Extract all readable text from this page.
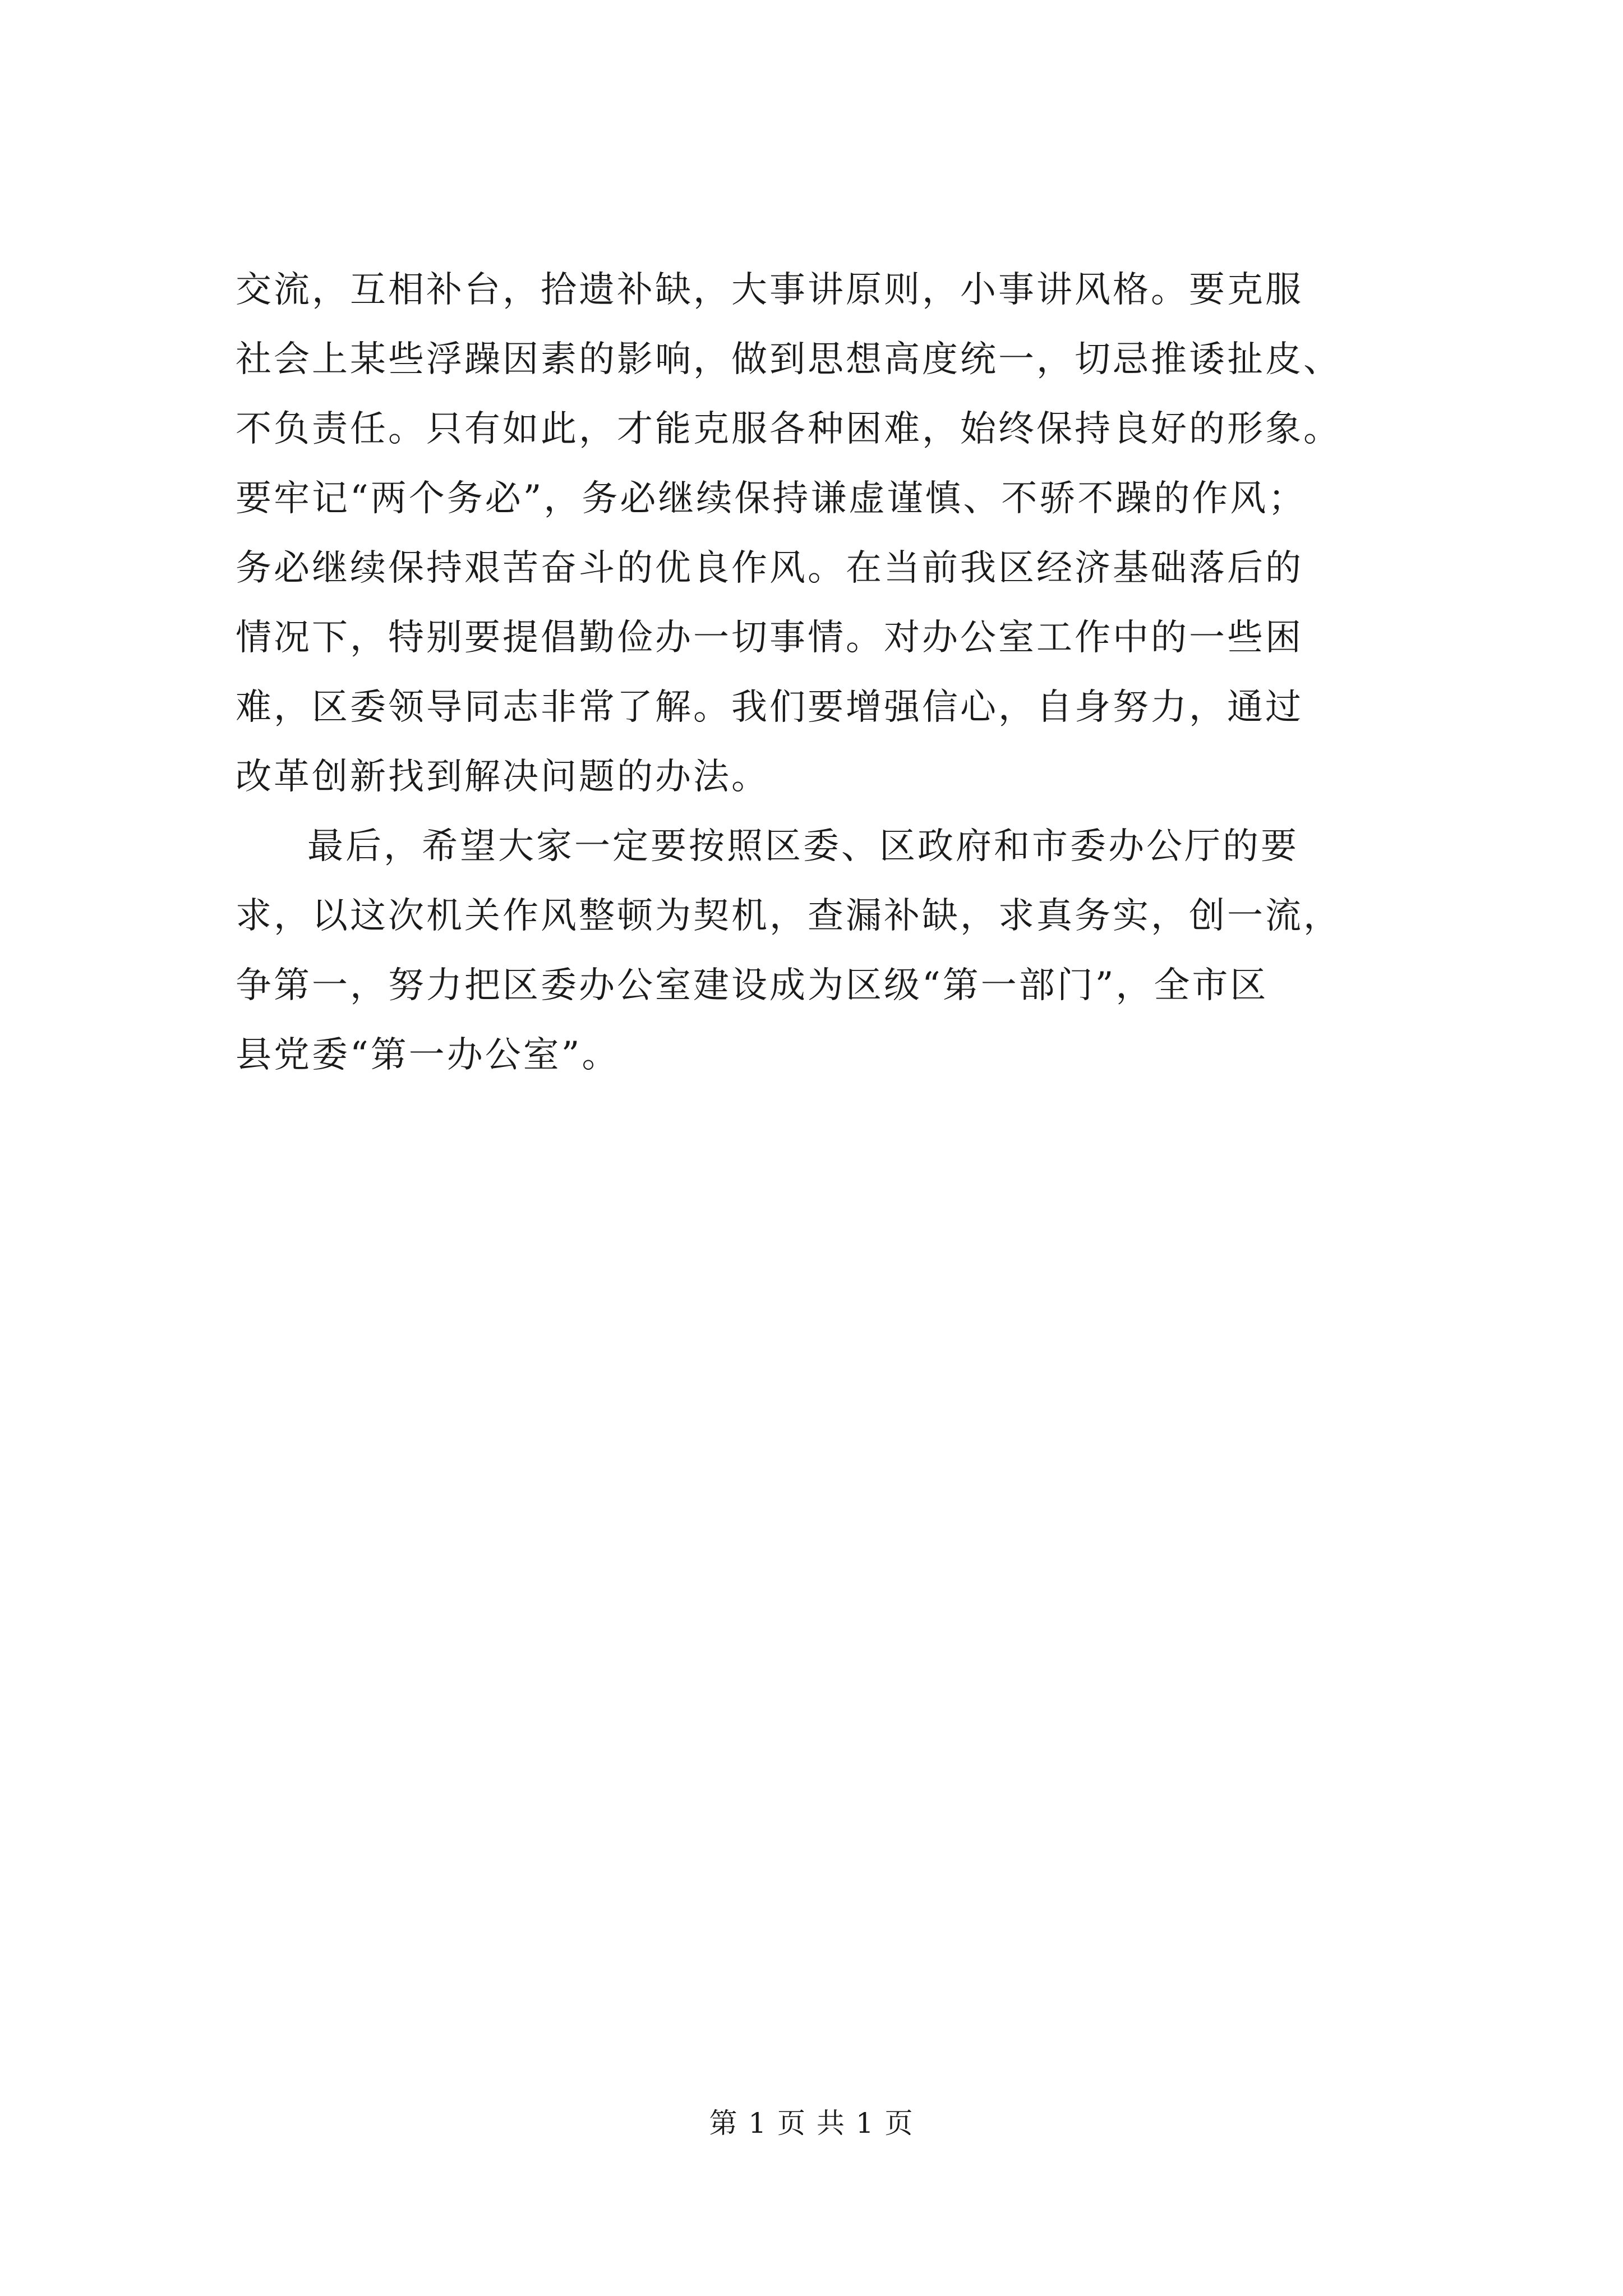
交流，互相补台，拾遗补缺，大事讲原则，小事讲风格。要克服
社会上某些浮躁因素的影响，做到思想高度统一，切忌推诿扯皮、
不负责任。只有如此，才能克服各种困难，始终保持良好的形象。
要牢记“两个务必”，务必继续保持谦虚谨慎、不骄不躁的作风；
务必继续保持艰苦奋斗的优良作风。在当前我区经济基础落后的
情况下，特别要提倡勤俭办一切事情。对办公室工作中的一些困
难，区委领导同志非常了解。我们要增强信心，自身努力，通过
改革创新找到解决问题的办法。
最后，希望大家一定要按照区委、区政府和市委办公厅的要
求，以这次机关作风整顿为契机，查漏补缺，求真务实，创一流，
争第一，努力把区委办公室建设成为区级“第一部门”，全市区
县党委“第一办公室”。
第 1 页 共 1 页
